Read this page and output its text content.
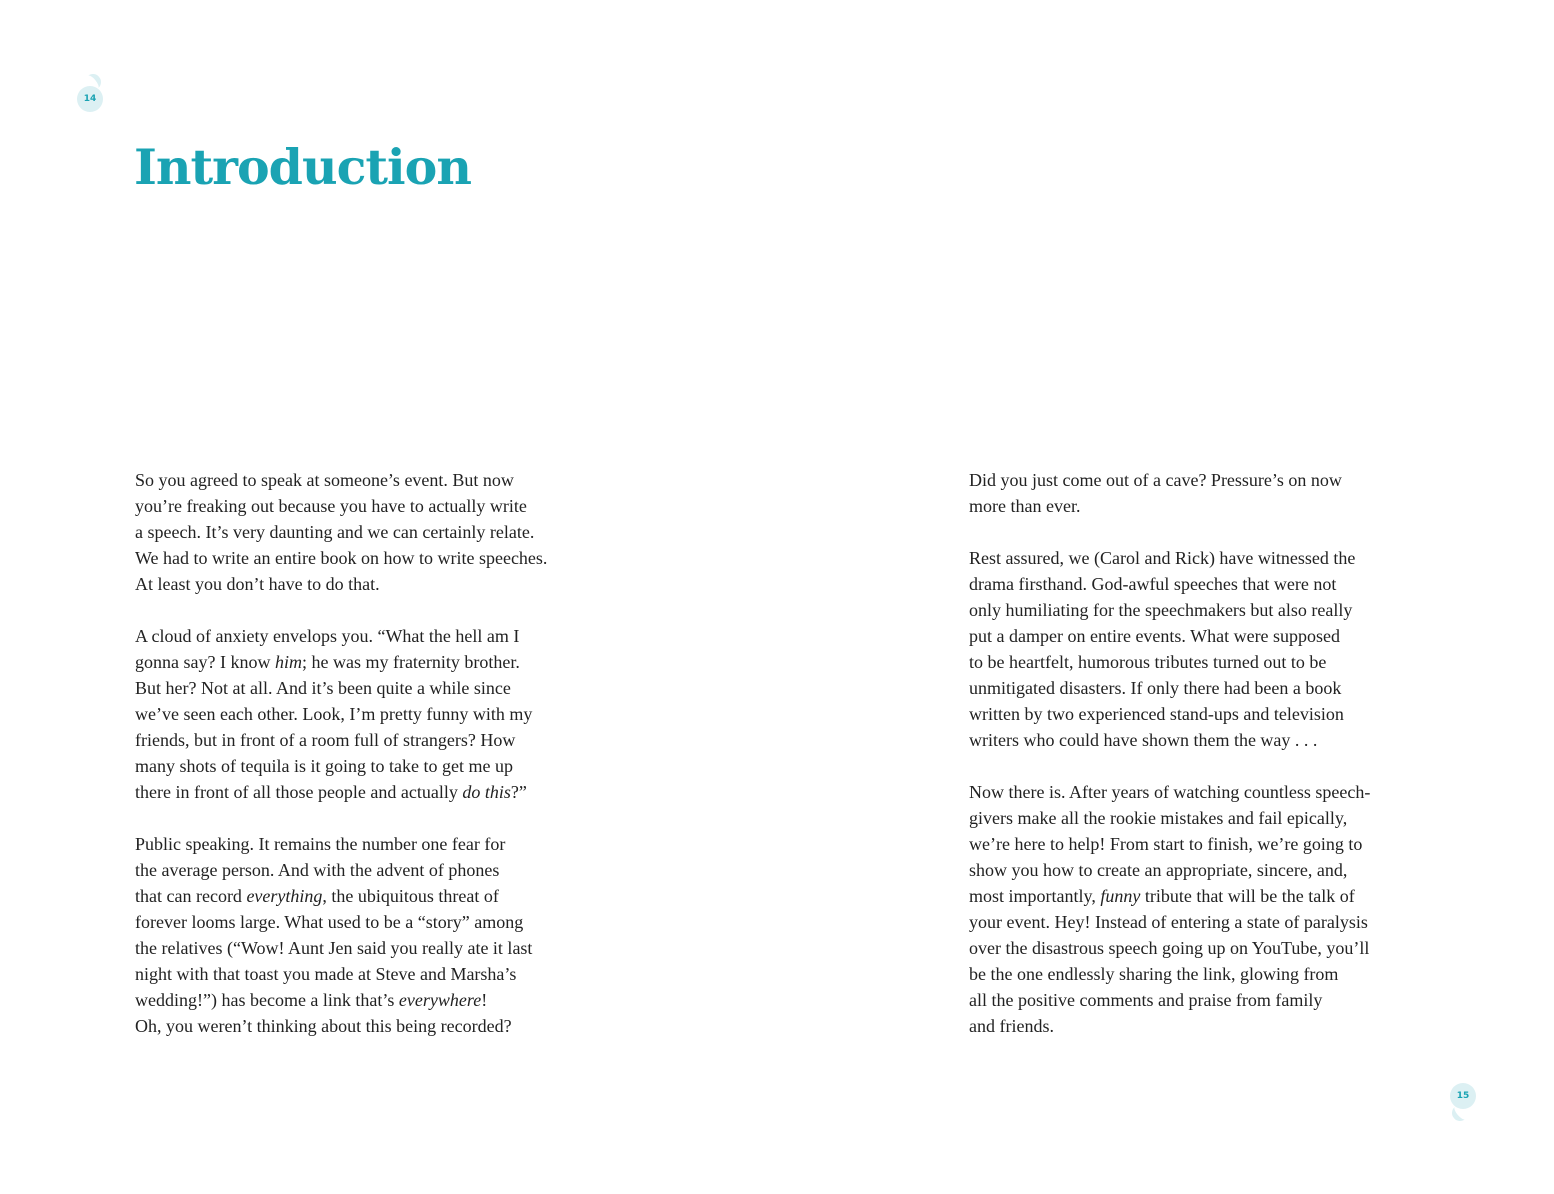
14
Introduction

So you agreed to speak at someone’s event. But now
you’re freaking out because you have to actually write
a speech. It’s very daunting and we can certainly relate.
We had to write an entire book on how to write speeches.
At least you don’t have to do that.

A cloud of anxiety envelops you. “What the hell am I
gonna say? I know him; he was my fraternity brother.
But her? Not at all. And it’s been quite a while since
we’ve seen each other. Look, I’m pretty funny with my
friends, but in front of a room full of strangers? How
many shots of tequila is it going to take to get me up
there in front of all those people and actually do this?”

Public speaking. It remains the number one fear for
the average person. And with the advent of phones
that can record everything, the ubiquitous threat of
forever looms large. What used to be a “story” among
the relatives (“Wow! Aunt Jen said you really ate it last
night with that toast you made at Steve and Marsha’s
wedding!”) has become a link that’s everywhere!
Oh, you weren’t thinking about this being recorded?

Did you just come out of a cave? Pressure’s on now
more than ever.

Rest assured, we (Carol and Rick) have witnessed the
drama firsthand. God-awful speeches that were not
only humiliating for the speechmakers but also really
put a damper on entire events. What were supposed
to be heartfelt, humorous tributes turned out to be
unmitigated disasters. If only there had been a book
written by two experienced stand-ups and television
writers who could have shown them the way . . .

Now there is. After years of watching countless speech-
givers make all the rookie mistakes and fail epically,
we’re here to help! From start to finish, we’re going to
show you how to create an appropriate, sincere, and,
most importantly, funny tribute that will be the talk of
your event. Hey! Instead of entering a state of paralysis
over the disastrous speech going up on YouTube, you’ll
be the one endlessly sharing the link, glowing from
all the positive comments and praise from family
and friends.

15
